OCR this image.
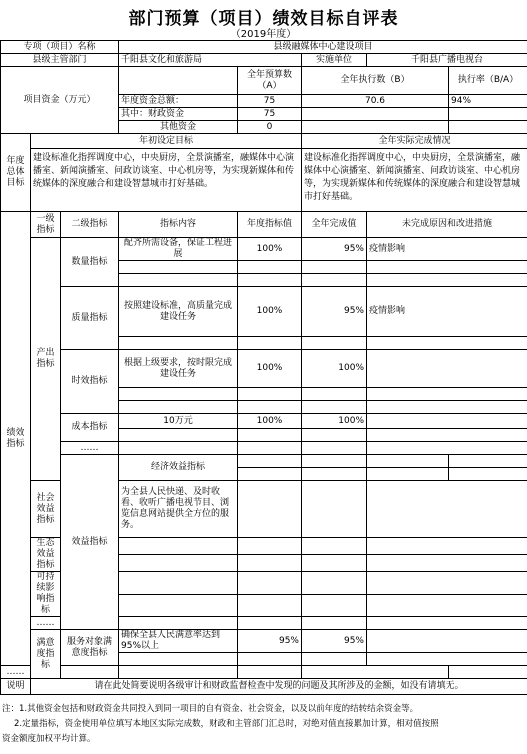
部门预算（项目）绩效目标自评表
（2019年度）
专项（项目）名称			县级融媒体中心建设项目				
县级主管部门			千阳县文化和旅游局		实施单位	千阳县广播电视台	
项目资金（万元）				全年预算数（A）	全年执行数（B）		执行率（B/A）
			年度资金总额：	75	70.6		94%
			其中：财政资金	75			
			其他资金	0			
年度总体目标	年初设定目标				全年实际完成情况		
	建设标准化指挥调度中心，中央厨房，全景演播室，融媒体中心演播室、新闻演播室、问政访谈室、中心机房等，为实现新媒体和传统媒体的深度融合和建设智慧城市打好基础。				建设标准化指挥调度中心，中央厨房，全景演播室，融媒体中心演播室、新闻演播室、问政访谈室、中心机房等，为实现新媒体和传统媒体的深度融合和建设智慧城市打好基础。		
绩效指标	一级指标	二级指标	指标内容	年度指标值	全年完成值	未完成原因和改进措施	
	产出指标	数量指标	配齐所需设备，保证工程进展	100%	95%	疫情影响	

		质量指标	按照建设标准，高质量完成建设任务	100%	95%	疫情影响	

		时效指标	根据上级要求，按时限完成建设任务	100%	100%		

		成本指标	10万元	100%	100%		

		……					
		效益指标	经济效益指标				

	社会效益指标		为全县人民快递、及时收看、收听广播电视节目、浏览信息网站提供全方位的服务。				
	生态效益指标						

	可持续影响指标						

	……						
	满意度指标	服务对象满意度指标	确保全县人民满意率达到95%以上	95%	95%		

……							
说明	请在此处简要说明各级审计和财政监督检查中发现的问题及其所涉及的金额，如没有请填无。						
注：1.其他资金包括和财政资金共同投入到同一项目的自有资金、社会资金，以及以前年度的结转结余资金等。
2.定量指标，资金使用单位填写本地区实际完成数，财政和主管部门汇总时，对绝对值直接累加计算，相对值按照
资金额度加权平均计算。
